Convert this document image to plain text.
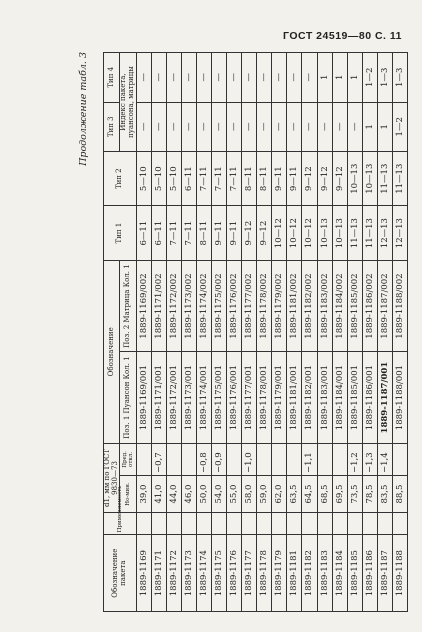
ГОСТ 24519—80 С. 11
Продолжение табл. 3
Обозначение пакета	Применяемость	d1, мм по ГОСТ 9830—73		Обозначение		Тип 1	Тип 2	Тип 3	Тип 4
		Но-мин.	Пред. откл.	Поз. 1 Пуансон Кол. 1	Поз. 2 Матрица Кол. 1			Индекс пакета, пуансона, матрицы	
1889-1169		39,0		1889-1169/001	1889-1169/002	6—11	5—10	—	—
1889-1171		41,0	−0,7	1889-1171/001	1889-1171/002	6—11	5—10	—	—
1889-1172		44,0		1889-1172/001	1889-1172/002	7—11	5—10	—	—
1889-1173		46,0		1889-1173/001	1889-1173/002	7—11	6—11	—	—
1889-1174		50,0	−0,8	1889-1174/001	1889-1174/002	8—11	7—11	—	—
1889-1175		54,0	−0,9	1889-1175/001	1889-1175/002	9—11	7—11	—	—
1889-1176		55,0		1889-1176/001	1889-1176/002	9—11	7—11	—	—
1889-1177		58,0	−1,0	1889-1177/001	1889-1177/002	9—12	8—11	—	—
1889-1178		59,0		1889-1178/001	1889-1178/002	9—12	8—11	—	—
1889-1179		62,0		1889-1179/001	1889-1179/002	10—12	9—11	—	—
1889-1181		63,5		1889-1181/001	1889-1181/002	10—12	9—11	—	—
1889-1182		64,5	−1,1	1889-1182/001	1889-1182/002	10—12	9—12	—	—
1889-1183		68,5		1889-1183/001	1889-1183/002	10—13	9—12	—	1
1889-1184		69,5		1889-1184/001	1889-1184/002	10—13	9—12	—	1
1889-1185		73,5	−1,2	1889-1185/001	1889-1185/002	11—13	10—13	—	1
1889-1186		78,5	−1,3	1889-1186/001	1889-1186/002	11—13	10—13	1	1—2
1889-1187		83,5	−1,4	1889-1187/001	1889-1187/002	12—13	11—13	1	1—3
1889-1188		88,5		1889-1188/001	1889-1188/002	12—13	11—13	1—2	1—3
